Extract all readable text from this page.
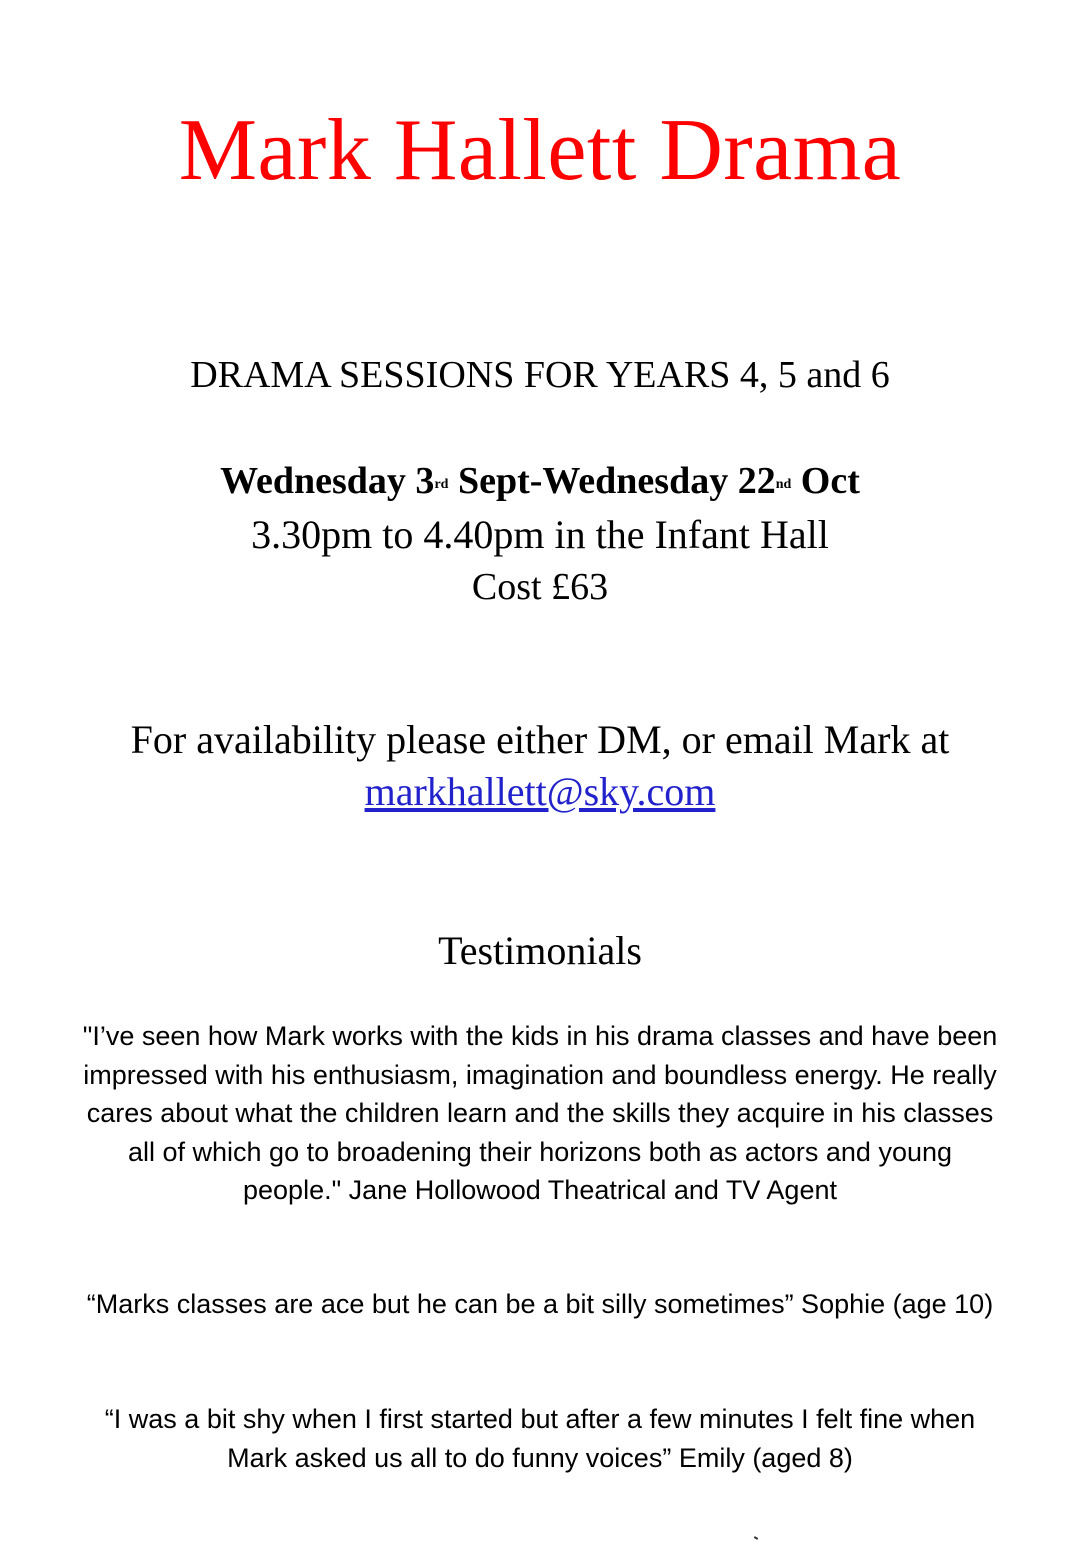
Mark Hallett Drama

DRAMA SESSIONS FOR YEARS 4, 5 and 6

Wednesday 3rd Sept-Wednesday 22nd Oct

3.30pm to 4.40pm in the Infant Hall

Cost £63

For availability please either DM, or email Mark at

markhallett@sky.com

Testimonials

"I’ve seen how Mark works with the kids in his drama classes and have been impressed with his enthusiasm, imagination and boundless energy. He really cares about what the children learn and the skills they acquire in his classes all of which go to broadening their horizons both as actors and young people." Jane Hollowood Theatrical and TV Agent

“Marks classes are ace but he can be a bit silly sometimes” Sophie (age 10)

“I was a bit shy when I first started but after a few minutes I felt fine when Mark asked us all to do funny voices” Emily (aged 8)
